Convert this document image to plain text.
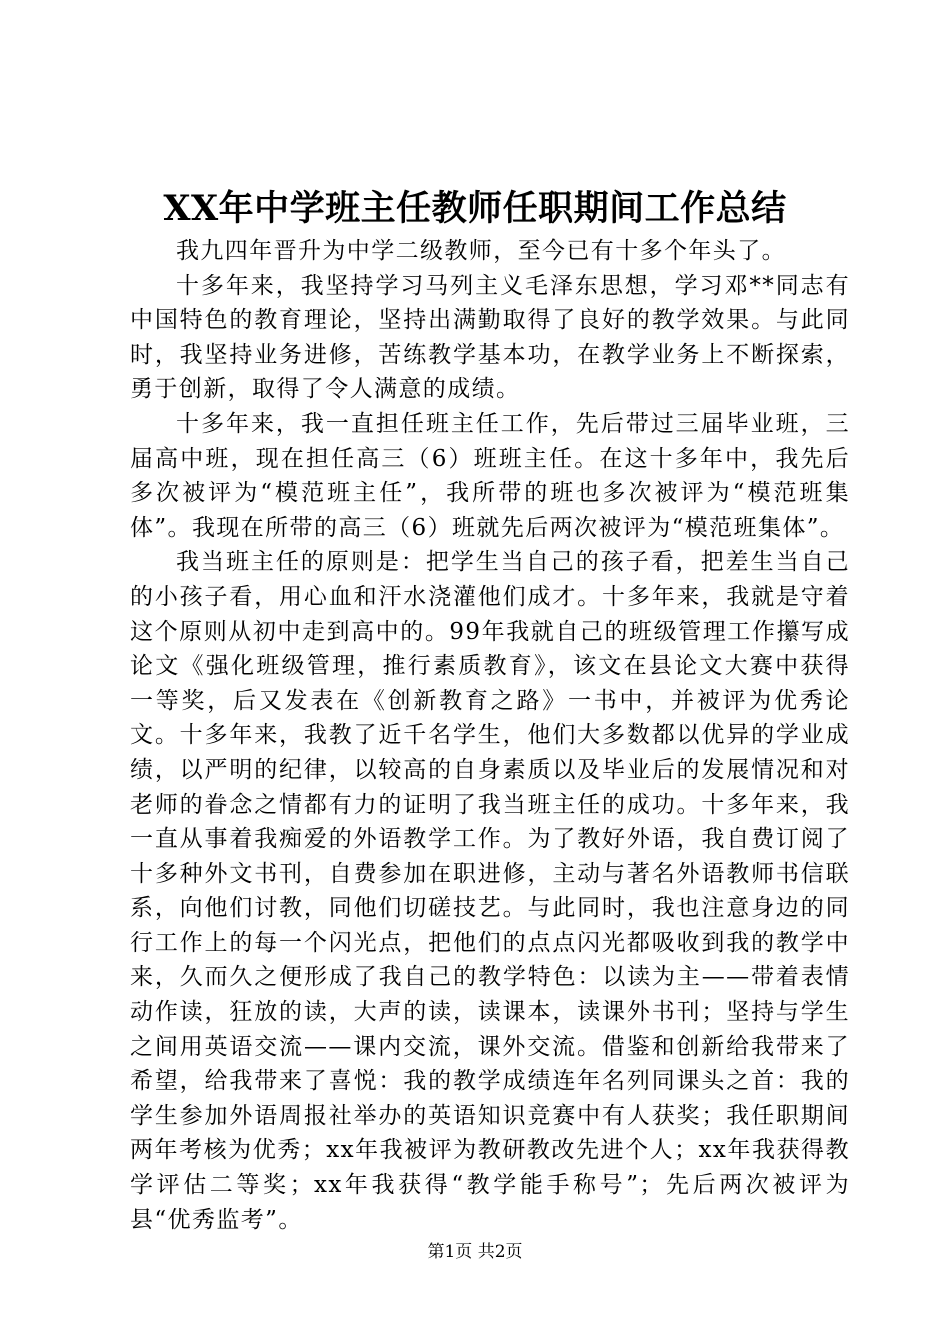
XX年中学班主任教师任职期间工作总结

我九四年晋升为中学二级教师，至今已有十多个年头了。

十多年来，我坚持学习马列主义毛泽东思想，学习邓**同志有中国特色的教育理论，坚持出满勤取得了良好的教学效果。与此同时，我坚持业务进修，苦练教学基本功，在教学业务上不断探索，勇于创新，取得了令人满意的成绩。

十多年来，我一直担任班主任工作，先后带过三届毕业班，三届高中班，现在担任高三（6）班班主任。在这十多年中，我先后多次被评为“模范班主任”，我所带的班也多次被评为“模范班集体”。我现在所带的高三（6）班就先后两次被评为“模范班集体”。

我当班主任的原则是：把学生当自己的孩子看，把差生当自己的小孩子看，用心血和汗水浇灌他们成才。十多年来，我就是守着这个原则从初中走到高中的。99年我就自己的班级管理工作攥写成论文《强化班级管理，推行素质教育》，该文在县论文大赛中获得一等奖，后又发表在《创新教育之路》一书中，并被评为优秀论文。十多年来，我教了近千名学生，他们大多数都以优异的学业成绩，以严明的纪律，以较高的自身素质以及毕业后的发展情况和对老师的眷念之情都有力的证明了我当班主任的成功。十多年来，我一直从事着我痴爱的外语教学工作。为了教好外语，我自费订阅了十多种外文书刊，自费参加在职进修，主动与著名外语教师书信联系，向他们讨教，同他们切磋技艺。与此同时，我也注意身边的同行工作上的每一个闪光点，把他们的点点闪光都吸收到我的教学中来，久而久之便形成了我自己的教学特色：以读为主——带着表情动作读，狂放的读，大声的读，读课本，读课外书刊；坚持与学生之间用英语交流——课内交流，课外交流。借鉴和创新给我带来了希望，给我带来了喜悦：我的教学成绩连年名列同课头之首：我的学生参加外语周报社举办的英语知识竞赛中有人获奖；我任职期间两年考核为优秀；xx年我被评为教研教改先进个人；xx年我获得教学评估二等奖；xx年我获得“教学能手称号”；先后两次被评为县“优秀监考”。

第1页 共2页
